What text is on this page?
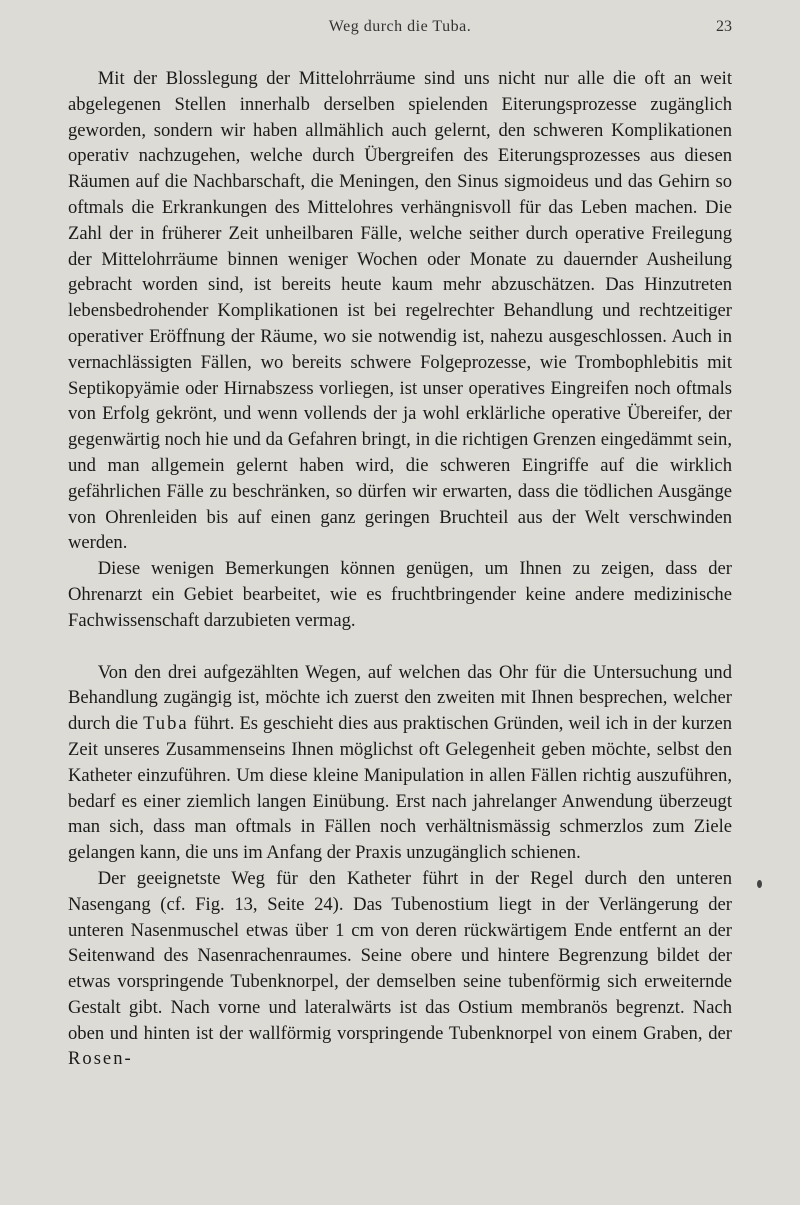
Weg durch die Tuba.	23

Mit der Blosslegung der Mittelohrräume sind uns nicht nur alle die oft an weit abgelegenen Stellen innerhalb derselben spielenden Eiterungsprozesse zugänglich geworden, sondern wir haben allmählich auch gelernt, den schweren Komplikationen operativ nachzugehen, welche durch Übergreifen des Eiterungsprozesses aus diesen Räumen auf die Nachbarschaft, die Meningen, den Sinus sigmoideus und das Gehirn so oftmals die Erkrankungen des Mittelohres verhängnisvoll für das Leben machen. Die Zahl der in früherer Zeit unheilbaren Fälle, welche seither durch operative Freilegung der Mittelohrräume binnen weniger Wochen oder Monate zu dauernder Ausheilung gebracht worden sind, ist bereits heute kaum mehr abzuschätzen. Das Hinzutreten lebensbedrohender Komplikationen ist bei regelrechter Behandlung und rechtzeitiger operativer Eröffnung der Räume, wo sie notwendig ist, nahezu ausgeschlossen. Auch in vernachlässigten Fällen, wo bereits schwere Folgeprozesse, wie Trombophlebitis mit Septikopyämie oder Hirnabszess vorliegen, ist unser operatives Eingreifen noch oftmals von Erfolg gekrönt, und wenn vollends der ja wohl erklärliche operative Übereifer, der gegenwärtig noch hie und da Gefahren bringt, in die richtigen Grenzen eingedämmt sein, und man allgemein gelernt haben wird, die schweren Eingriffe auf die wirklich gefährlichen Fälle zu beschränken, so dürfen wir erwarten, dass die tödlichen Ausgänge von Ohrenleiden bis auf einen ganz geringen Bruchteil aus der Welt verschwinden werden.

Diese wenigen Bemerkungen können genügen, um Ihnen zu zeigen, dass der Ohrenarzt ein Gebiet bearbeitet, wie es fruchtbringender keine andere medizinische Fachwissenschaft darzubieten vermag.

Von den drei aufgezählten Wegen, auf welchen das Ohr für die Untersuchung und Behandlung zugängig ist, möchte ich zuerst den zweiten mit Ihnen besprechen, welcher durch die Tuba führt. Es geschieht dies aus praktischen Gründen, weil ich in der kurzen Zeit unseres Zusammenseins Ihnen möglichst oft Gelegenheit geben möchte, selbst den Katheter einzuführen. Um diese kleine Manipulation in allen Fällen richtig auszuführen, bedarf es einer ziemlich langen Einübung. Erst nach jahrelanger Anwendung überzeugt man sich, dass man oftmals in Fällen noch verhältnismässig schmerzlos zum Ziele gelangen kann, die uns im Anfang der Praxis unzugänglich schienen.

Der geeignetste Weg für den Katheter führt in der Regel durch den unteren Nasengang (cf. Fig. 13, Seite 24). Das Tubenostium liegt in der Verlängerung der unteren Nasenmuschel etwas über 1 cm von deren rückwärtigem Ende entfernt an der Seitenwand des Nasenrachenraumes. Seine obere und hintere Begrenzung bildet der etwas vorspringende Tubenknorpel, der demselben seine tubenförmig sich erweiternde Gestalt gibt. Nach vorne und lateralwärts ist das Ostium membranös begrenzt. Nach oben und hinten ist der wallförmig vorspringende Tubenknorpel von einem Graben, der Rosen-
